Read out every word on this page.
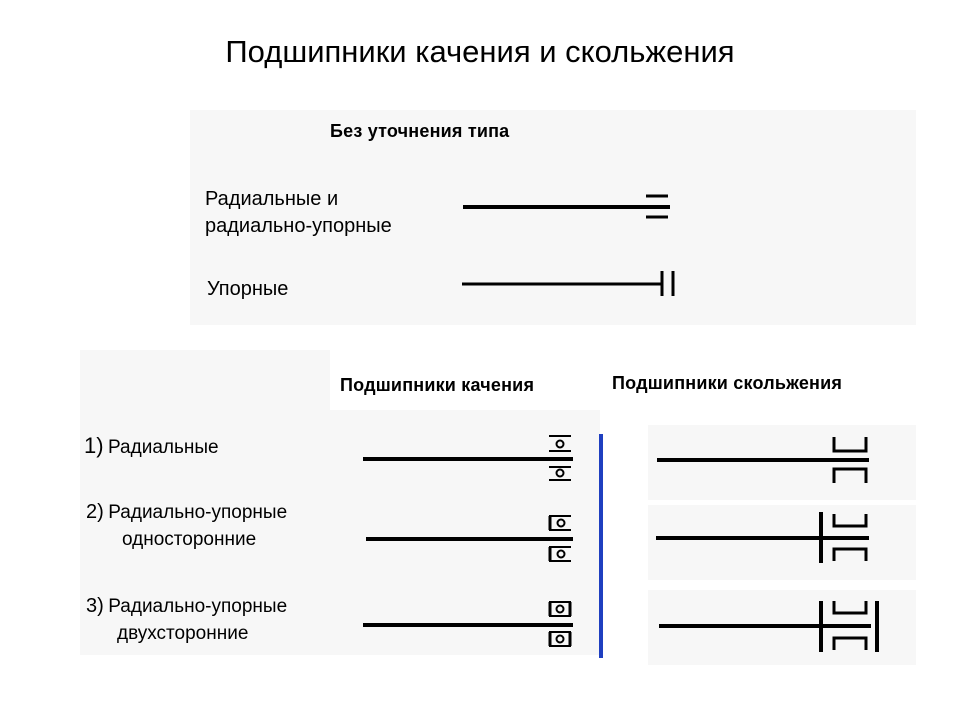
Подшипники качения и скольжения
Без уточнения типа
Радиальные и
радиально-упорные
Упорные
Подшипники качения	Подшипники скольжения
1) Радиальные
2) Радиально-упорные
односторонние
3) Радиально-упорные
двухсторонние
